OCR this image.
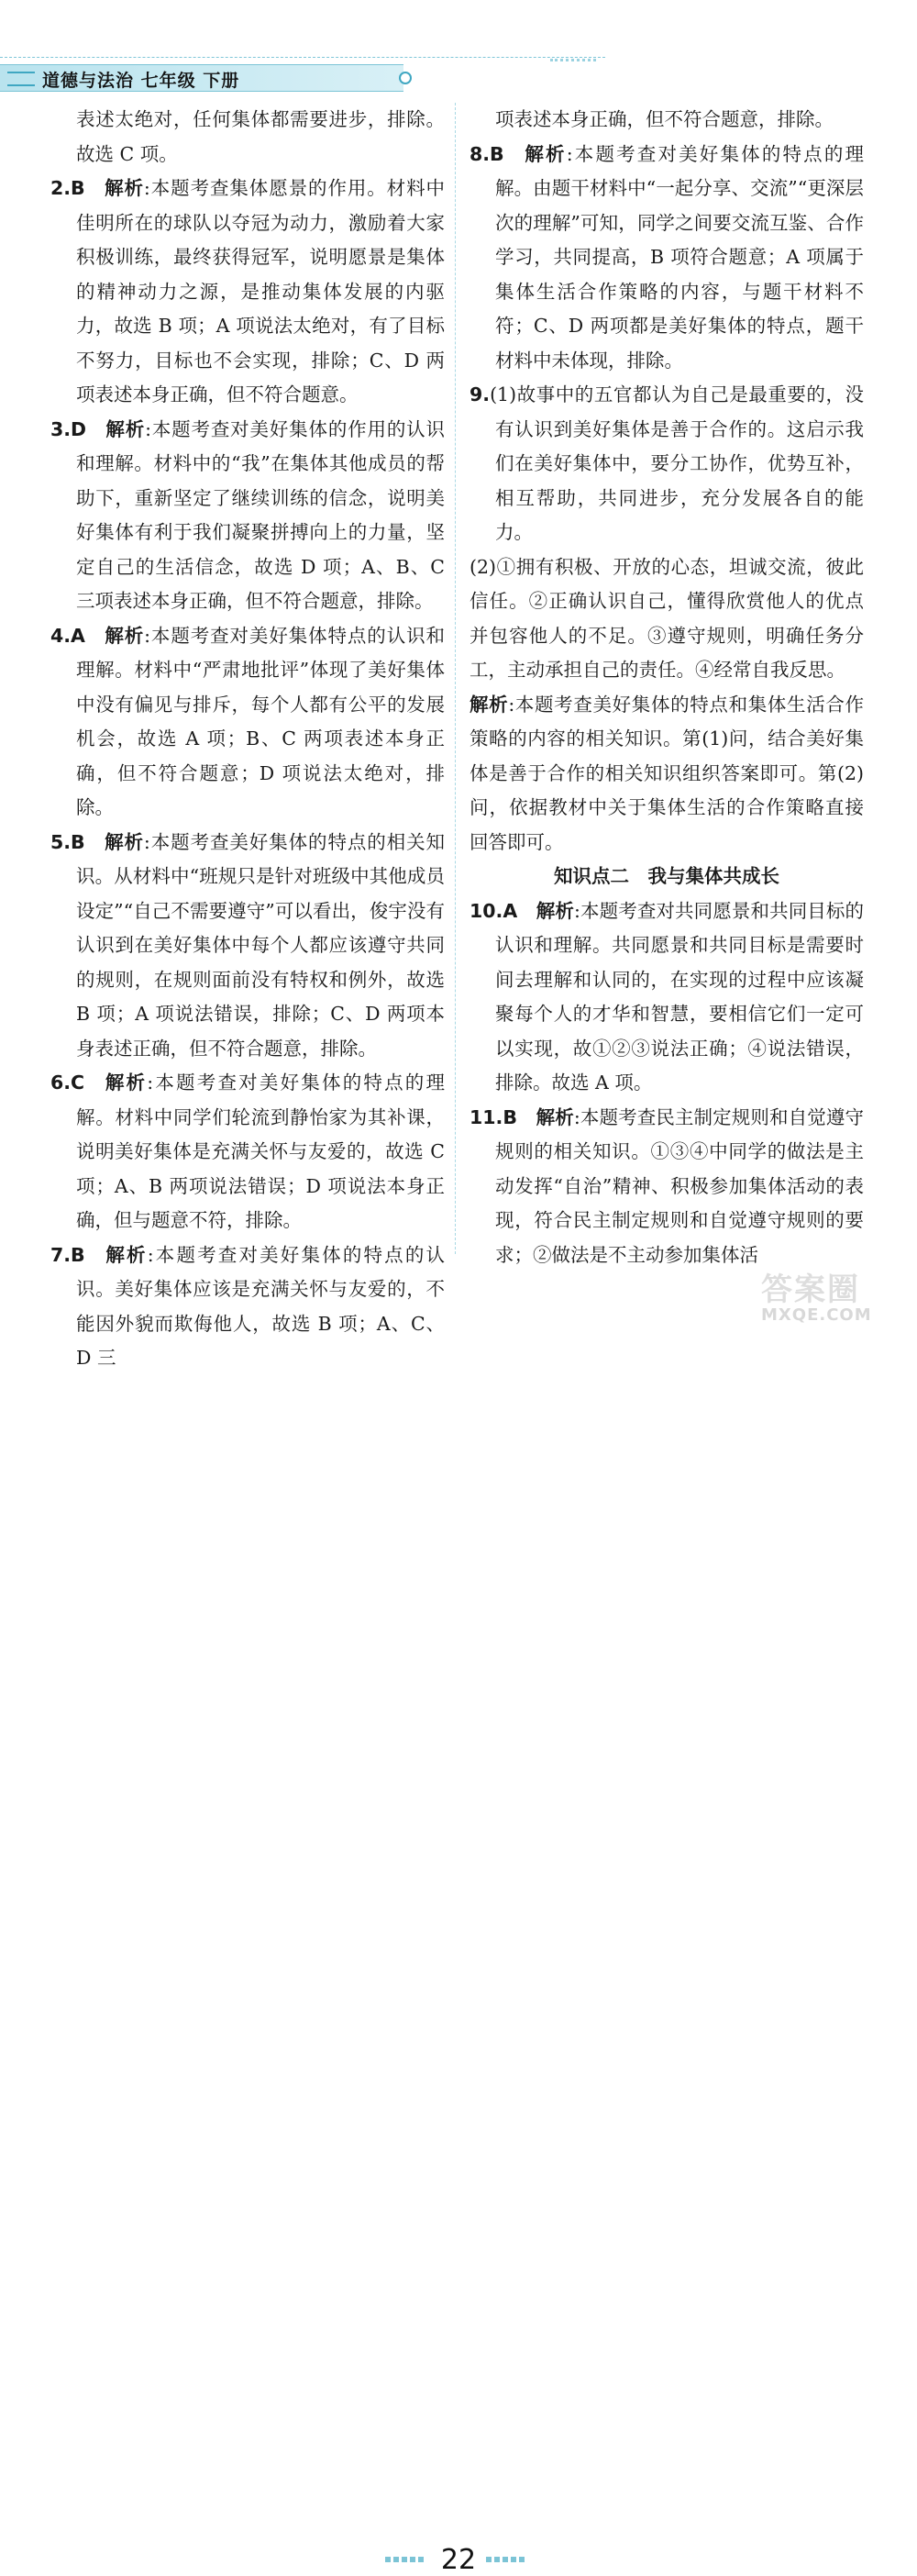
道德与法治 七年级 下册

表述太绝对，任何集体都需要进步，排除。故选 C 项。

2.B  解析:本题考查集体愿景的作用。材料中佳明所在的球队以夺冠为动力，激励着大家积极训练，最终获得冠军，说明愿景是集体的精神动力之源，是推动集体发展的内驱力，故选 B 项；A 项说法太绝对，有了目标不努力，目标也不会实现，排除；C、D 两项表述本身正确，但不符合题意。

3.D  解析:本题考查对美好集体的作用的认识和理解。材料中的“我”在集体其他成员的帮助下，重新坚定了继续训练的信念，说明美好集体有利于我们凝聚拼搏向上的力量，坚定自己的生活信念，故选 D 项；A、B、C 三项表述本身正确，但不符合题意，排除。

4.A  解析:本题考查对美好集体特点的认识和理解。材料中“严肃地批评”体现了美好集体中没有偏见与排斥，每个人都有公平的发展机会，故选 A 项；B、C 两项表述本身正确，但不符合题意；D 项说法太绝对，排除。

5.B  解析:本题考查美好集体的特点的相关知识。从材料中“班规只是针对班级中其他成员设定”“自己不需要遵守”可以看出，俊宇没有认识到在美好集体中每个人都应该遵守共同的规则，在规则面前没有特权和例外，故选 B 项；A 项说法错误，排除；C、D 两项本身表述正确，但不符合题意，排除。

6.C  解析:本题考查对美好集体的特点的理解。材料中同学们轮流到静怡家为其补课，说明美好集体是充满关怀与友爱的，故选 C 项；A、B 两项说法错误；D 项说法本身正确，但与题意不符，排除。

7.B  解析:本题考查对美好集体的特点的认识。美好集体应该是充满关怀与友爱的，不能因外貌而欺侮他人，故选 B 项；A、C、D 三

项表述本身正确，但不符合题意，排除。

8.B  解析:本题考查对美好集体的特点的理解。由题干材料中“一起分享、交流”“更深层次的理解”可知，同学之间要交流互鉴、合作学习，共同提高，B 项符合题意；A 项属于集体生活合作策略的内容，与题干材料不符；C、D 两项都是美好集体的特点，题干材料中未体现，排除。

9.(1)故事中的五官都认为自己是最重要的，没有认识到美好集体是善于合作的。这启示我们在美好集体中，要分工协作，优势互补，相互帮助，共同进步，充分发展各自的能力。

(2)①拥有积极、开放的心态，坦诚交流，彼此信任。②正确认识自己，懂得欣赏他人的优点并包容他人的不足。③遵守规则，明确任务分工，主动承担自己的责任。④经常自我反思。

解析:本题考查美好集体的特点和集体生活合作策略的内容的相关知识。第(1)问，结合美好集体是善于合作的相关知识组织答案即可。第(2)问，依据教材中关于集体生活的合作策略直接回答即可。

知识点二　我与集体共成长

10.A  解析:本题考查对共同愿景和共同目标的认识和理解。共同愿景和共同目标是需要时间去理解和认同的，在实现的过程中应该凝聚每个人的才华和智慧，要相信它们一定可以实现，故①②③说法正确；④说法错误，排除。故选 A 项。

11.B  解析:本题考查民主制定规则和自觉遵守规则的相关知识。①③④中同学的做法是主动发挥“自治”精神、积极参加集体活动的表现，符合民主制定规则和自觉遵守规则的要求；②做法是不主动参加集体活

22
答案圈
MXQE.COM
